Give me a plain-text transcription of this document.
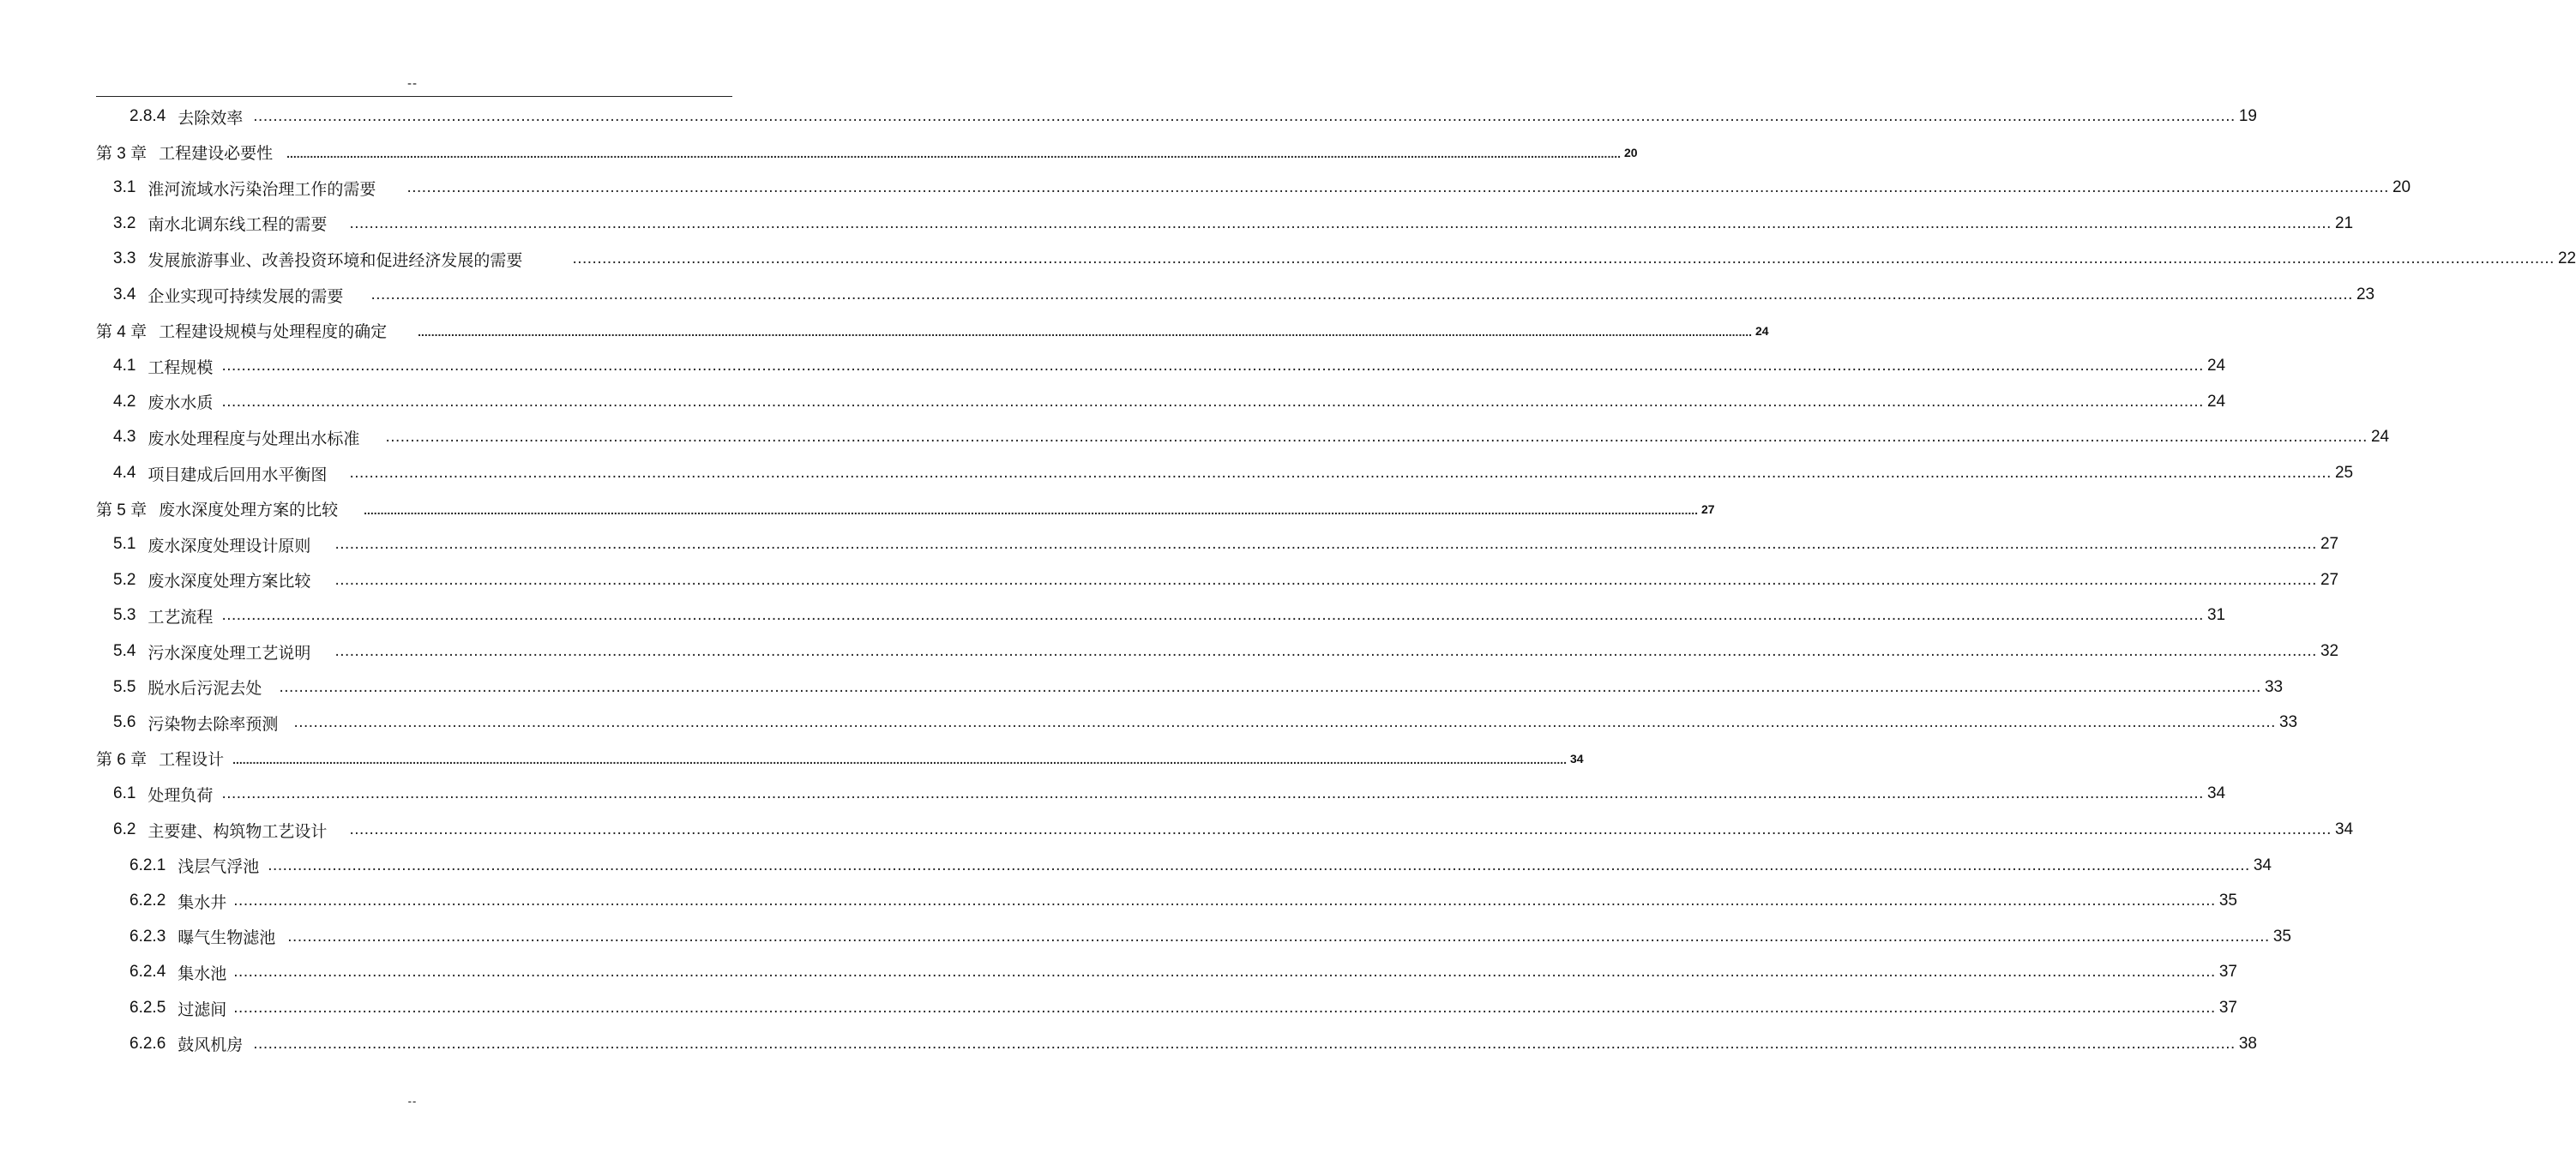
--
2.8.4 去除效率 ................................................................................................................................................................................................................................................................................................................................................................................................................ 19
第 3 章 工程建设必要性 ................................................................................................................................................................................................................................................................................................................................................................................................................ 20
3.1 淮河流域水污染治理工作的需要 ................................................................................................................................................................................................................................................................................................................................................................................................................ 20
3.2 南水北调东线工程的需要 ................................................................................................................................................................................................................................................................................................................................................................................................................ 21
3.3 发展旅游事业、改善投资环境和促进经济发展的需要	................................................................................................................................................................................................................................................................................................................................................................................................................ 22
3.4 企业实现可持续发展的需要 ................................................................................................................................................................................................................................................................................................................................................................................................................ 23
第 4 章 工程建设规模与处理程度的确定	................................................................................................................................................................................................................................................................................................................................................................................................................ 24
4.1 工程规模 ................................................................................................................................................................................................................................................................................................................................................................................................................ 24
4.2 废水水质 ................................................................................................................................................................................................................................................................................................................................................................................................................ 24
4.3 废水处理程度与处理出水标准 ................................................................................................................................................................................................................................................................................................................................................................................................................ 24
4.4 项目建成后回用水平衡图 ................................................................................................................................................................................................................................................................................................................................................................................................................ 25
第 5 章 废水深度处理方案的比较 ................................................................................................................................................................................................................................................................................................................................................................................................................ 27
5.1 废水深度处理设计原则 ................................................................................................................................................................................................................................................................................................................................................................................................................ 27
5.2 废水深度处理方案比较 ................................................................................................................................................................................................................................................................................................................................................................................................................ 27
5.3 工艺流程 ................................................................................................................................................................................................................................................................................................................................................................................................................ 31
5.4 污水深度处理工艺说明 ................................................................................................................................................................................................................................................................................................................................................................................................................ 32
5.5 脱水后污泥去处 ................................................................................................................................................................................................................................................................................................................................................................................................................ 33
5.6 污染物去除率预测 ................................................................................................................................................................................................................................................................................................................................................................................................................ 33
第 6 章 工程设计 ................................................................................................................................................................................................................................................................................................................................................................................................................ 34
6.1 处理负荷 ................................................................................................................................................................................................................................................................................................................................................................................................................ 34
6.2 主要建、构筑物工艺设计 ................................................................................................................................................................................................................................................................................................................................................................................................................ 34
6.2.1 浅层气浮池 ................................................................................................................................................................................................................................................................................................................................................................................................................ 34
6.2.2 集水井 ................................................................................................................................................................................................................................................................................................................................................................................................................ 35
6.2.3 曝气生物滤池 ................................................................................................................................................................................................................................................................................................................................................................................................................ 35
6.2.4 集水池 ................................................................................................................................................................................................................................................................................................................................................................................................................ 37
6.2.5 过滤间 ................................................................................................................................................................................................................................................................................................................................................................................................................ 37
6.2.6 鼓风机房 ................................................................................................................................................................................................................................................................................................................................................................................................................ 38
--
